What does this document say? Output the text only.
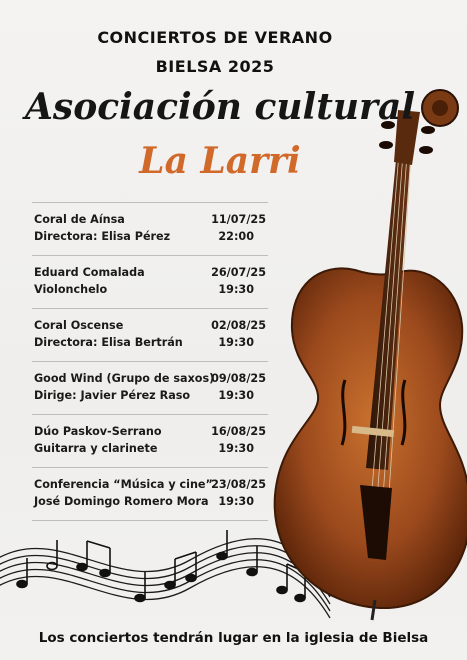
CONCIERTOS DE VERANO
BIELSA 2025
Asociación cultural
La Larri
Coral de Aínsa
Directora: Elisa Pérez
11/07/25
22:00
Eduard Comalada
Violonchelo
26/07/25
19:30
Coral Oscense
Directora: Elisa Bertrán
02/08/25
19:30
Good Wind (Grupo de saxos)
Dirige: Javier Pérez Raso
09/08/25
19:30
Dúo Paskov-Serrano
Guitarra y clarinete
16/08/25
19:30
Conferencia “Música y cine”
José Domingo Romero Mora
23/08/25
19:30
Los conciertos tendrán lugar en la iglesia de Bielsa
